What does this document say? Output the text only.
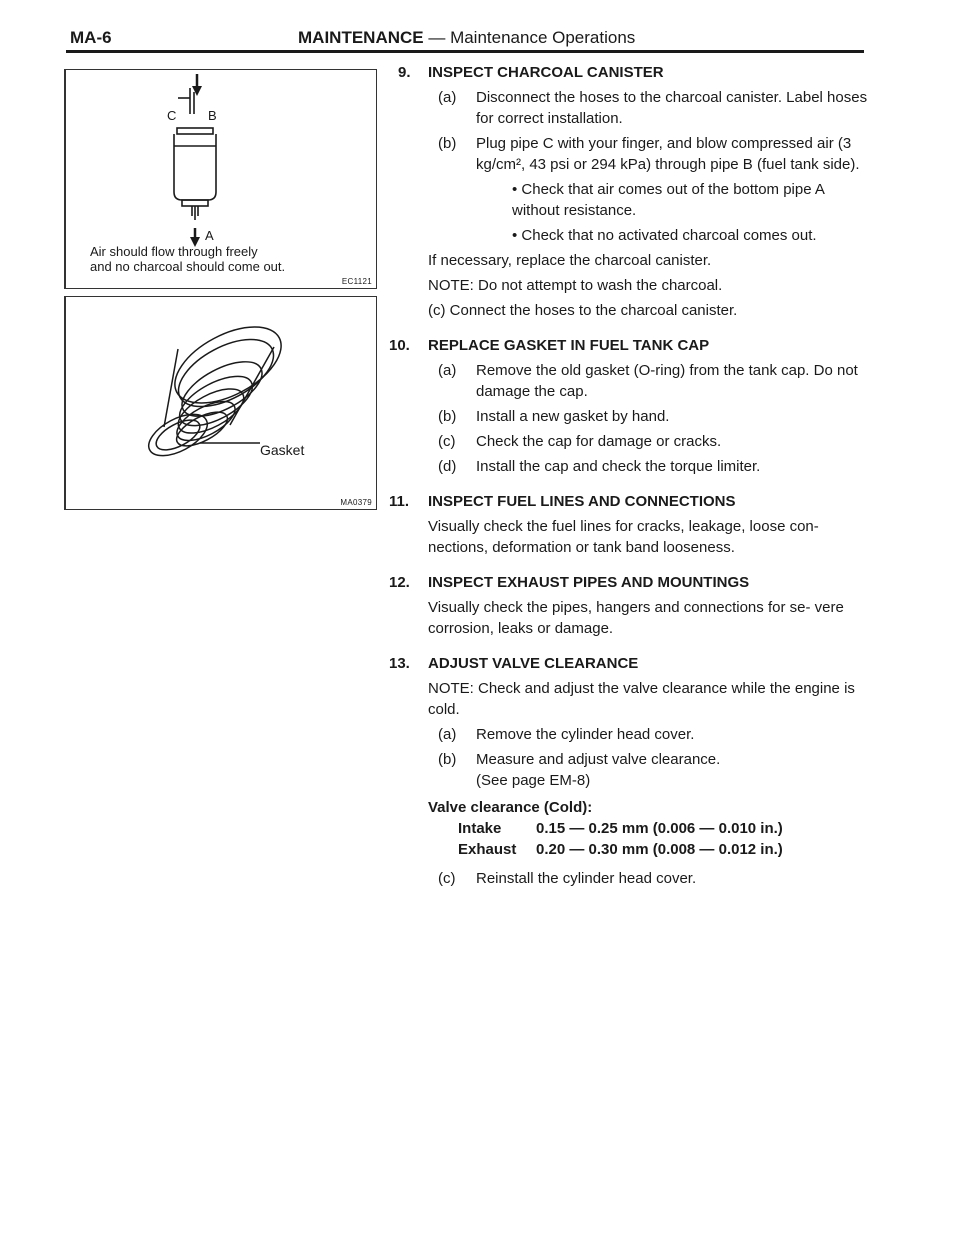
MA-6	MAINTENANCE — Maintenance Operations
C B
A
Air should flow through freely
and no charcoal should come out.
EC1121
Gasket
MA0379
9. INSPECT CHARCOAL CANISTER
(a) Disconnect the hoses to the charcoal canister. Label hoses for correct installation.
(b) Plug pipe C with your finger, and blow compressed air (3 kg/cm², 43 psi or 294 kPa) through pipe B (fuel tank side).
• Check that air comes out of the bottom pipe A without resistance.
• Check that no activated charcoal comes out.
If necessary, replace the charcoal canister.
NOTE: Do not attempt to wash the charcoal.
(c) Connect the hoses to the charcoal canister.
10. REPLACE GASKET IN FUEL TANK CAP
(a) Remove the old gasket (O-ring) from the tank cap. Do not damage the cap.
(b) Install a new gasket by hand.
(c) Check the cap for damage or cracks.
(d) Install the cap and check the torque limiter.
11. INSPECT FUEL LINES AND CONNECTIONS
Visually check the fuel lines for cracks, leakage, loose con- nections, deformation or tank band looseness.
12. INSPECT EXHAUST PIPES AND MOUNTINGS
Visually check the pipes, hangers and connections for se- vere corrosion, leaks or damage.
13. ADJUST VALVE CLEARANCE
NOTE: Check and adjust the valve clearance while the engine is cold.
(a) Remove the cylinder head cover.
(b) Measure and adjust valve clearance.
(See page EM-8)
Valve clearance (Cold):
Intake 0.15 — 0.25 mm (0.006 — 0.010 in.)
Exhaust 0.20 — 0.30 mm (0.008 — 0.012 in.)
(c) Reinstall the cylinder head cover.
